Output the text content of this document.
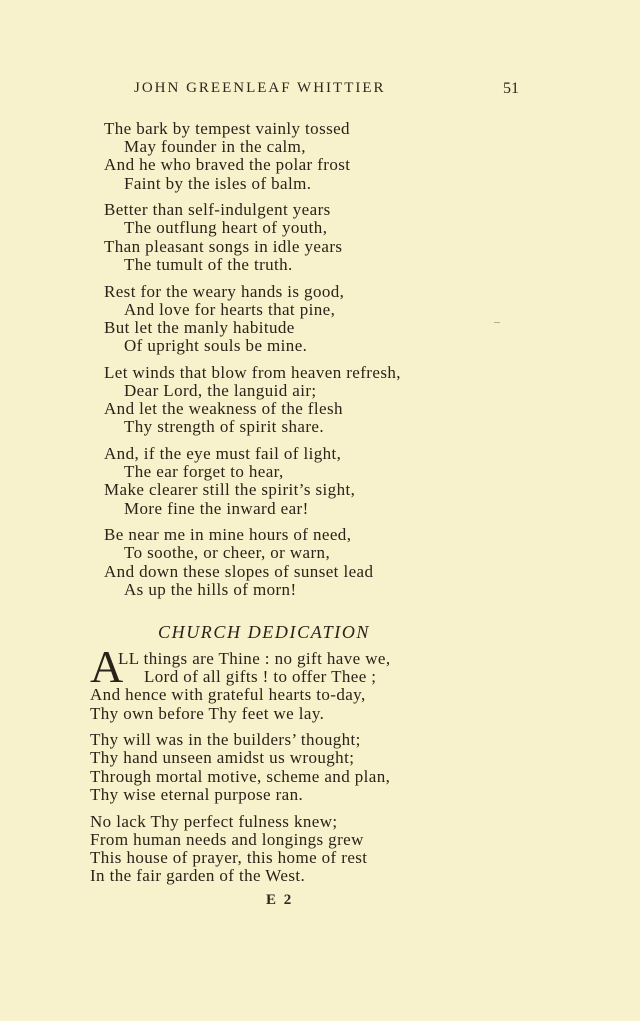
JOHN GREENLEAF WHITTIER	51
The bark by tempest vainly tossed
May founder in the calm,
And he who braved the polar frost
Faint by the isles of balm.
Better than self-indulgent years
The outflung heart of youth,
Than pleasant songs in idle years
The tumult of the truth.
Rest for the weary hands is good,
And love for hearts that pine,
But let the manly habitude
Of upright souls be mine.
Let winds that blow from heaven refresh,
Dear Lord, the languid air;
And let the weakness of the flesh
Thy strength of spirit share.
And, if the eye must fail of light,
The ear forget to hear,
Make clearer still the spirit’s sight,
More fine the inward ear!
Be near me in mine hours of need,
To soothe, or cheer, or warn,
And down these slopes of sunset lead
As up the hills of morn!
CHURCH DEDICATION
A
LL things are Thine : no gift have we,
Lord of all gifts ! to offer Thee ;
And hence with grateful hearts to-day,
Thy own before Thy feet we lay.
Thy will was in the builders’ thought;
Thy hand unseen amidst us wrought;
Through mortal motive, scheme and plan,
Thy wise eternal purpose ran.
No lack Thy perfect fulness knew;
From human needs and longings grew
This house of prayer, this home of rest
In the fair garden of the West.
E 2
